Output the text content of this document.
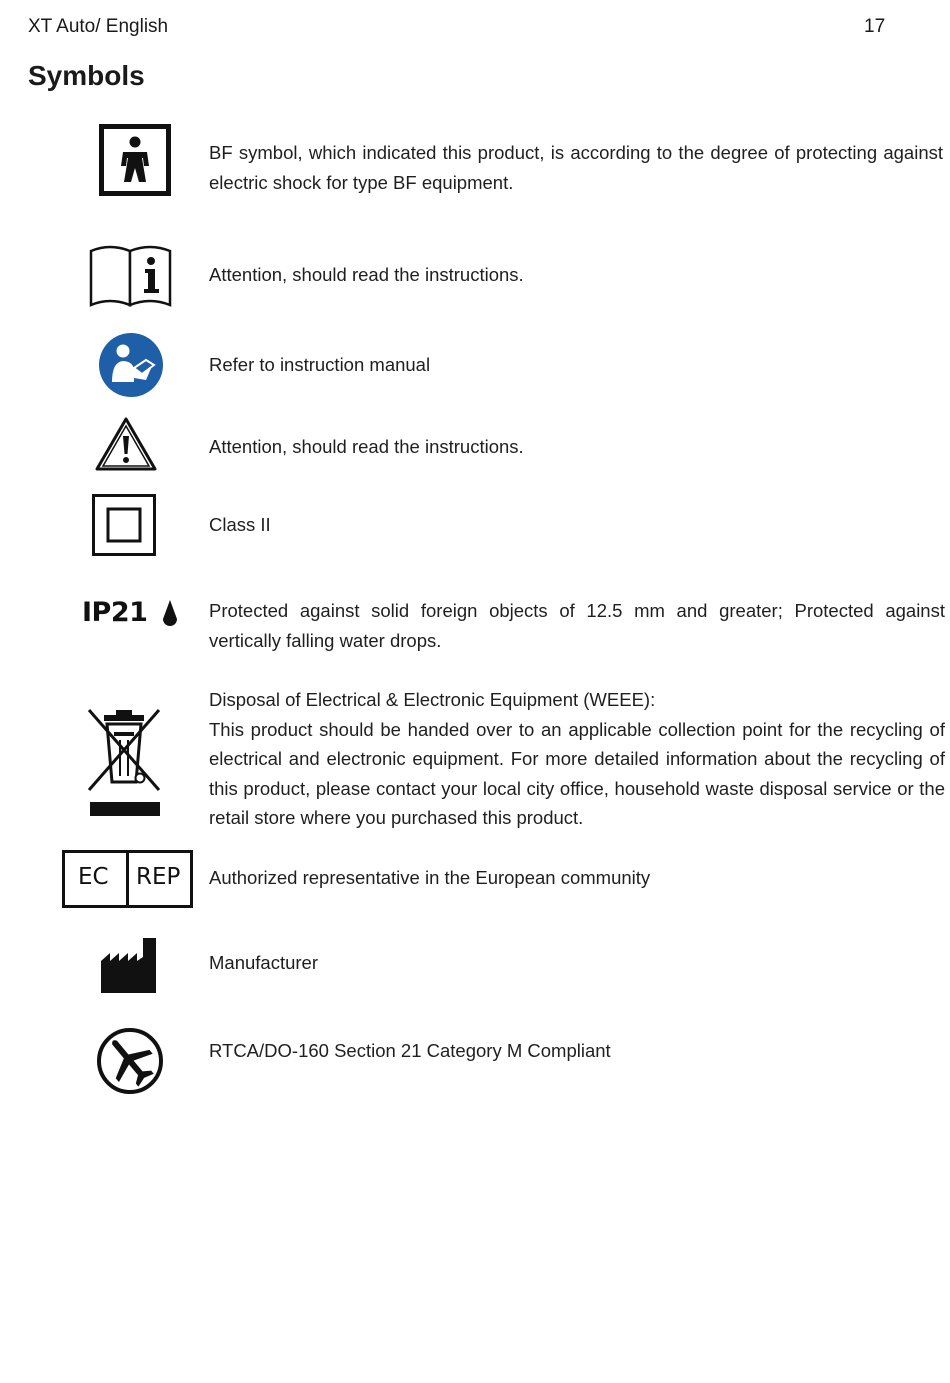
XT Auto/ English	17
Symbols
BF symbol, which indicated this product, is according to the degree of protecting against electric shock for type BF equipment.
Attention, should read the instructions.
Refer to instruction manual
Attention, should read the instructions.
Class II
IP21	Protected against solid foreign objects of 12.5 mm and greater; Protected against vertically falling water drops.
Disposal of Electrical & Electronic Equipment (WEEE):
This product should be handed over to an applicable collection point for the recycling of electrical and electronic equipment. For more detailed information about the recycling of this product, please contact your local city office, household waste disposal service or the retail store where you purchased this product.
EC REP Authorized representative in the European community
Manufacturer
RTCA/DO-160 Section 21 Category M Compliant
